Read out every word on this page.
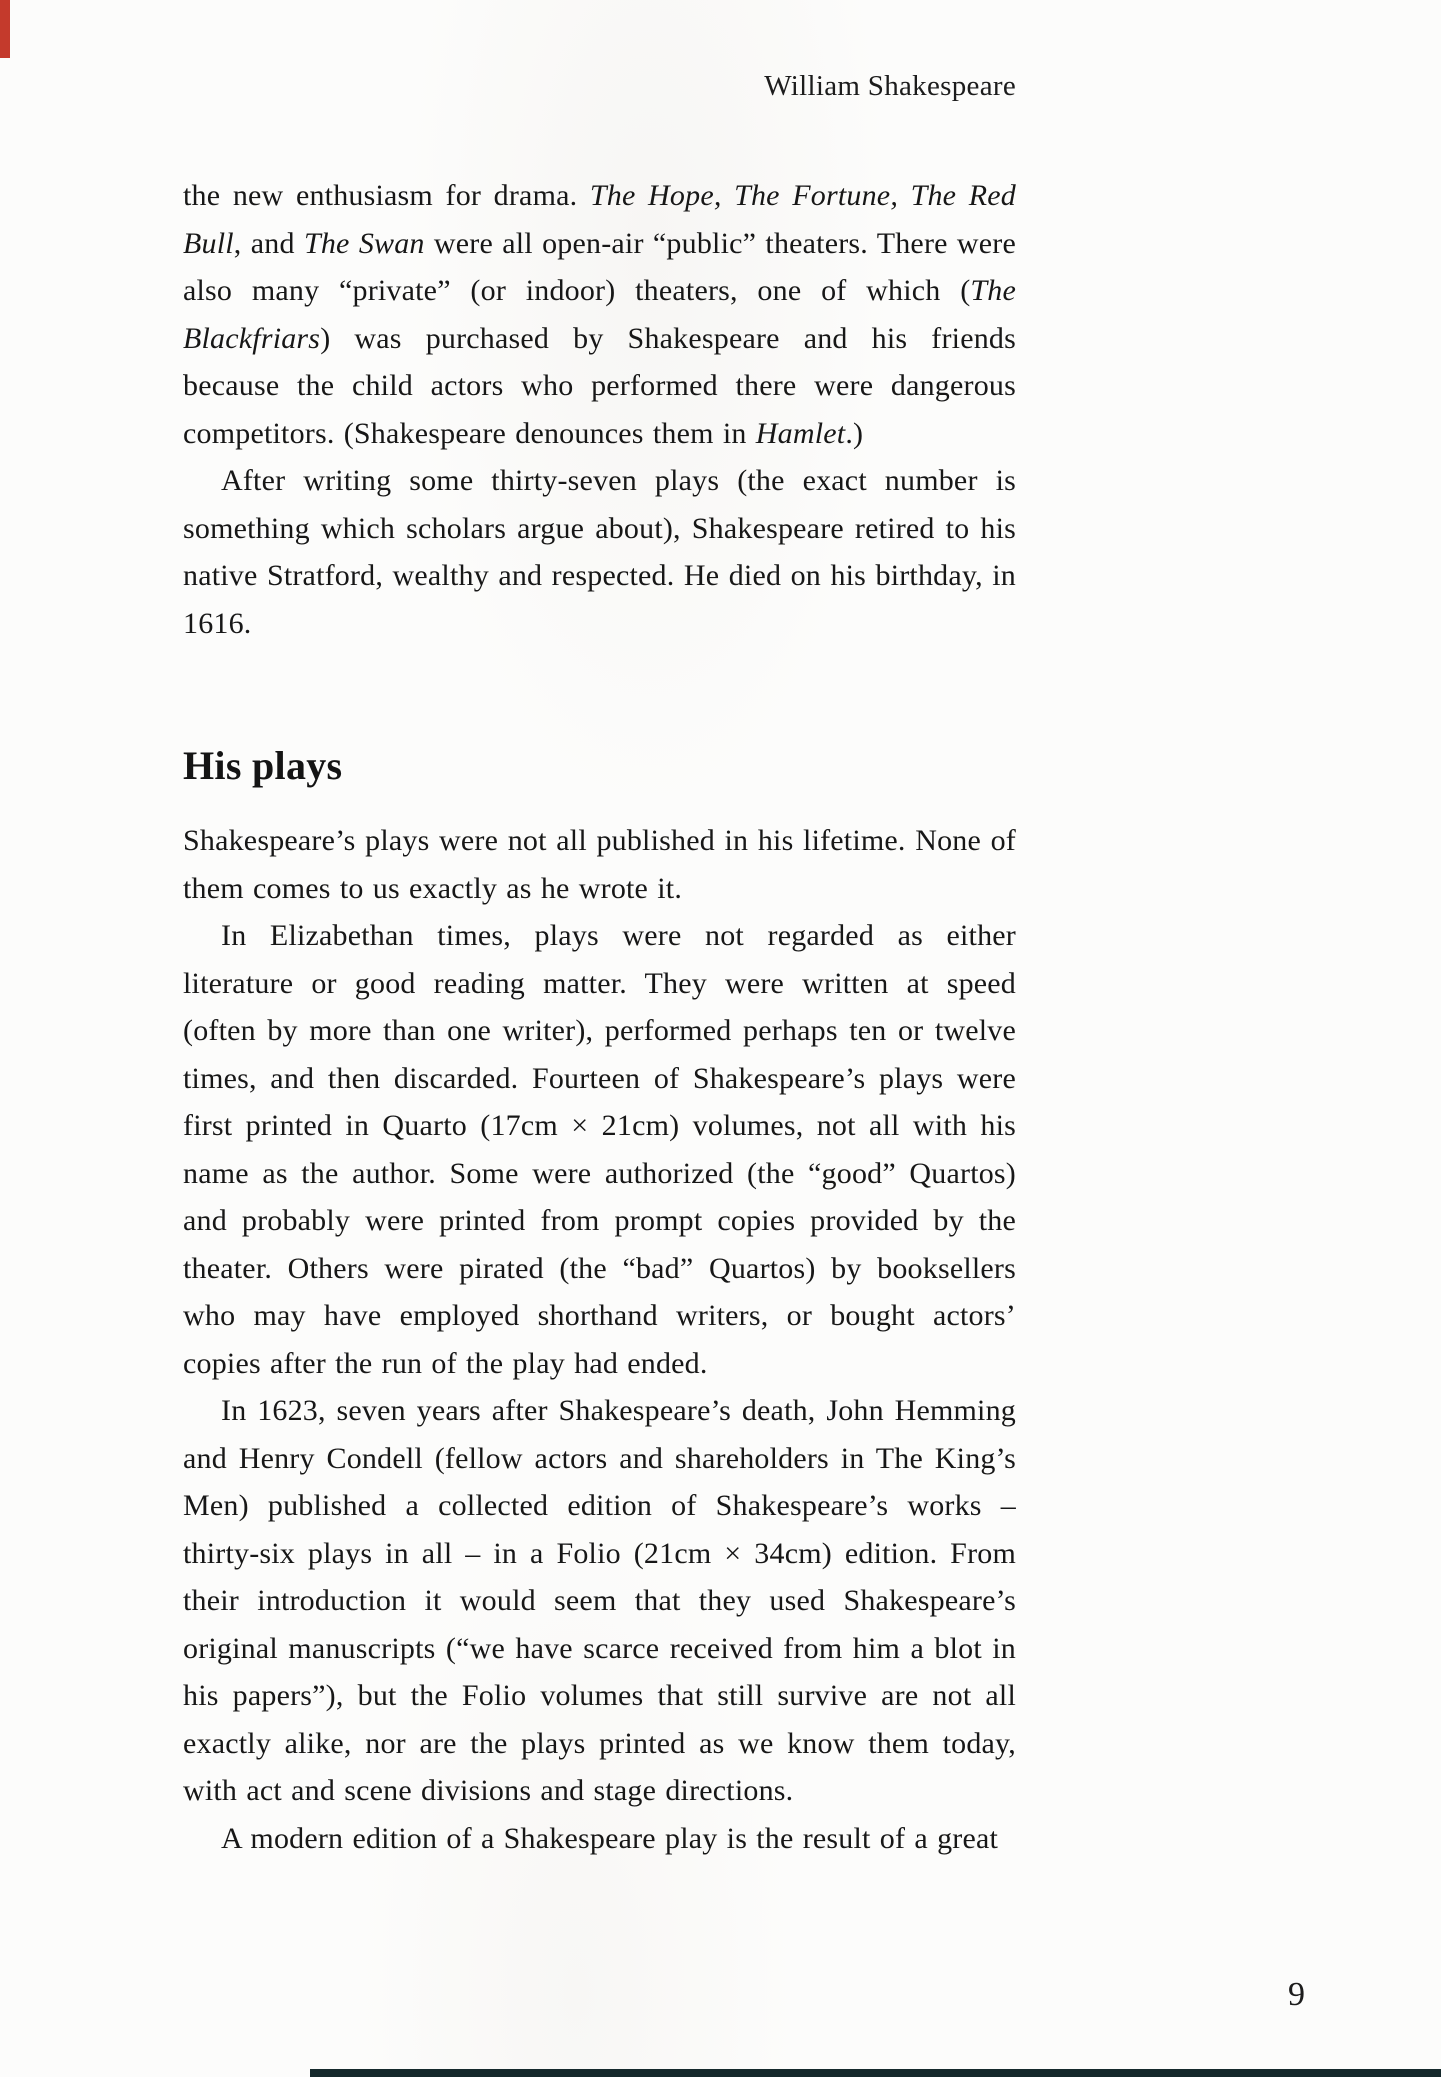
William Shakespeare

the new enthusiasm for drama. The Hope, The Fortune, The Red Bull, and The Swan were all open-air “public” theaters. There were also many “private” (or indoor) theaters, one of which (The Blackfriars) was purchased by Shakespeare and his friends because the child actors who performed there were dangerous competitors. (Shakespeare denounces them in Hamlet.)

After writing some thirty-seven plays (the exact number is something which scholars argue about), Shakespeare retired to his native Stratford, wealthy and respected. He died on his birthday, in 1616.

His plays

Shakespeare’s plays were not all published in his lifetime. None of them comes to us exactly as he wrote it.

In Elizabethan times, plays were not regarded as either literature or good reading matter. They were written at speed (often by more than one writer), performed perhaps ten or twelve times, and then discarded. Fourteen of Shakespeare’s plays were first printed in Quarto (17cm × 21cm) volumes, not all with his name as the author. Some were authorized (the “good” Quartos) and probably were printed from prompt copies provided by the theater. Others were pirated (the “bad” Quartos) by booksellers who may have employed shorthand writers, or bought actors’ copies after the run of the play had ended.

In 1623, seven years after Shakespeare’s death, John Hemming and Henry Condell (fellow actors and shareholders in The King’s Men) published a collected edition of Shakespeare’s works – thirty-six plays in all – in a Folio (21cm × 34cm) edition. From their introduction it would seem that they used Shakespeare’s original manuscripts (“we have scarce received from him a blot in his papers”), but the Folio volumes that still survive are not all exactly alike, nor are the plays printed as we know them today, with act and scene divisions and stage directions.

A modern edition of a Shakespeare play is the result of a great

9
